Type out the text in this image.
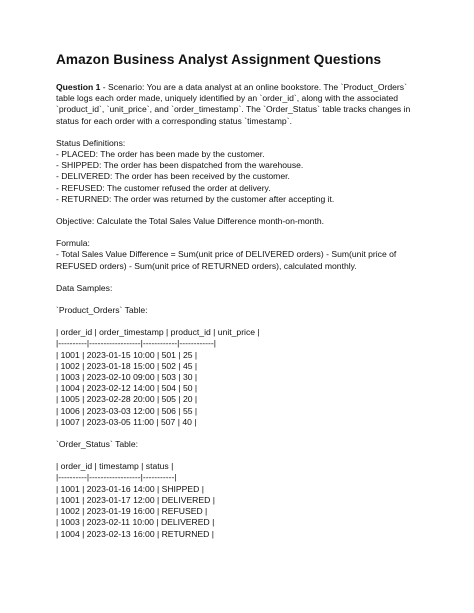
Amazon Business Analyst Assignment Questions
Question 1 - Scenario: You are a data analyst at an online bookstore. The `Product_Orders`
table logs each order made, uniquely identified by an `order_id`, along with the associated
`product_id`, `unit_price`, and `order_timestamp`. The `Order_Status` table tracks changes in
status for each order with a corresponding status `timestamp`.
Status Definitions:
- PLACED: The order has been made by the customer.
- SHIPPED: The order has been dispatched from the warehouse.
- DELIVERED: The order has been received by the customer.
- REFUSED: The customer refused the order at delivery.
- RETURNED: The order was returned by the customer after accepting it.
Objective: Calculate the Total Sales Value Difference month-on-month.
Formula:
- Total Sales Value Difference = Sum(unit price of DELIVERED orders) - Sum(unit price of
REFUSED orders) - Sum(unit price of RETURNED orders), calculated monthly.
Data Samples:
`Product_Orders` Table:
| order_id | order_timestamp | product_id | unit_price |
|----------|------------------|------------|------------|
| 1001 | 2023-01-15 10:00 | 501 | 25 |
| 1002 | 2023-01-18 15:00 | 502 | 45 |
| 1003 | 2023-02-10 09:00 | 503 | 30 |
| 1004 | 2023-02-12 14:00 | 504 | 50 |
| 1005 | 2023-02-28 20:00 | 505 | 20 |
| 1006 | 2023-03-03 12:00 | 506 | 55 |
| 1007 | 2023-03-05 11:00 | 507 | 40 |
`Order_Status` Table:
| order_id | timestamp | status |
|----------|------------------|-----------|
| 1001 | 2023-01-16 14:00 | SHIPPED |
| 1001 | 2023-01-17 12:00 | DELIVERED |
| 1002 | 2023-01-19 16:00 | REFUSED |
| 1003 | 2023-02-11 10:00 | DELIVERED |
| 1004 | 2023-02-13 16:00 | RETURNED |
